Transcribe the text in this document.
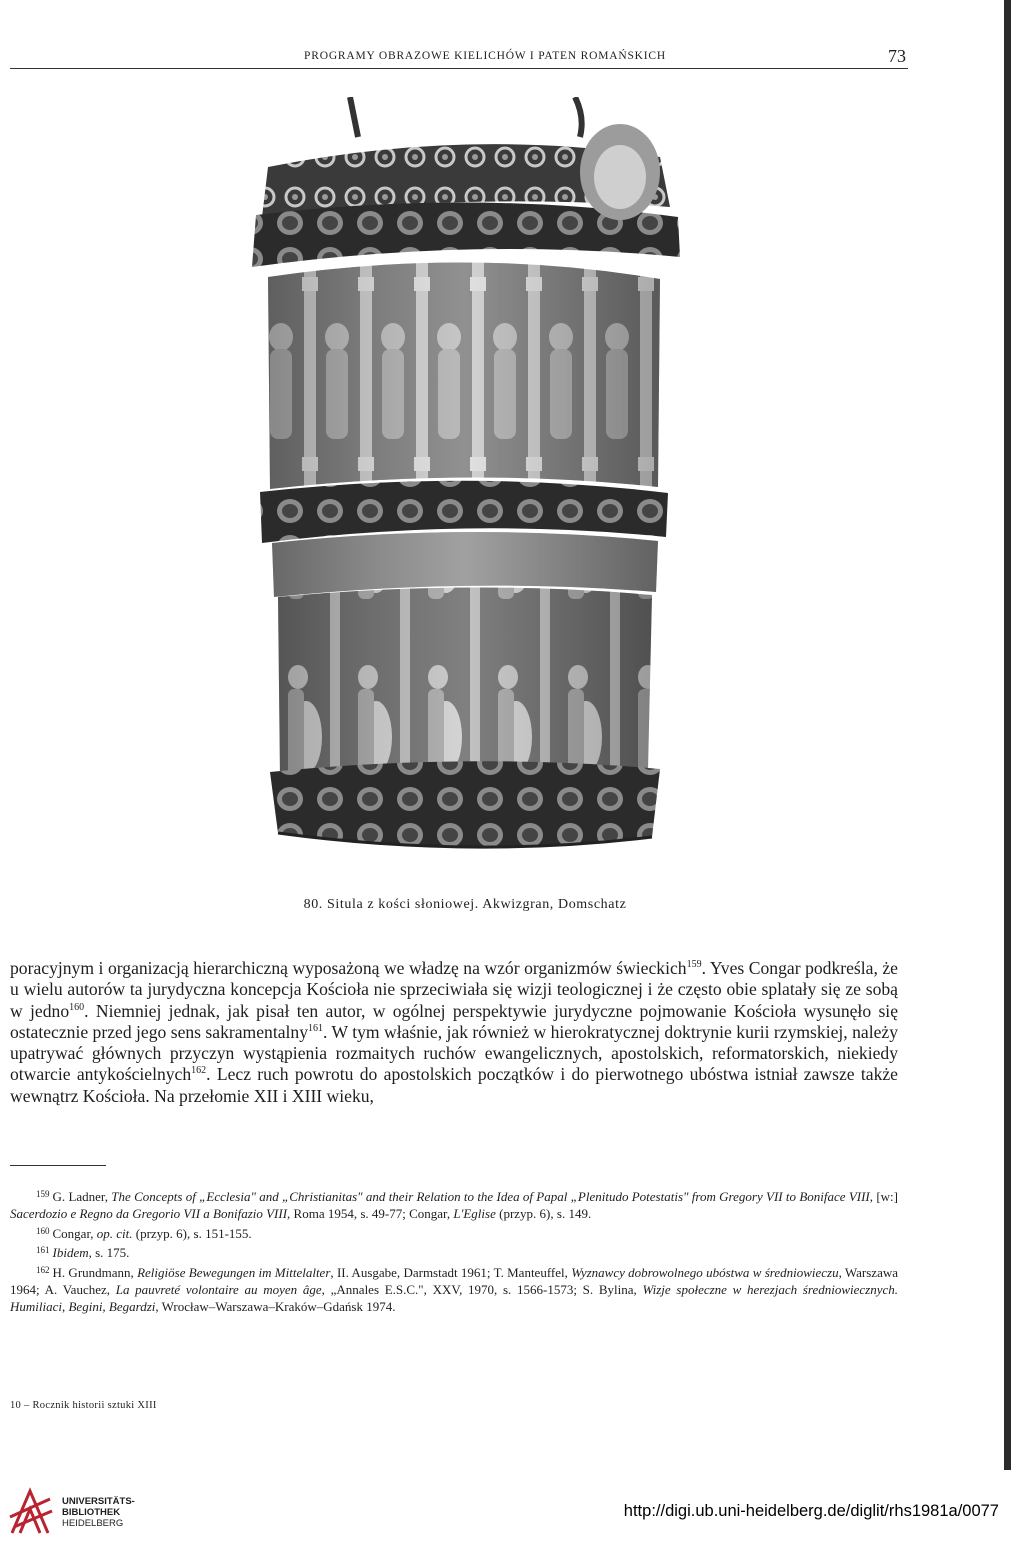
PROGRAMY OBRAZOWE KIELICHÓW I PATEN ROMAŃSKICH	73
80. Situla z kości słoniowej. Akwizgran, Domschatz

poracyjnym i organizacją hierarchiczną wyposażoną we władzę na wzór organizmów świeckich$^{159}$. Yves Congar podkreśla, że u wielu autorów ta jurydyczna koncepcja Kościoła nie sprzeciwiała się wizji teologicznej i że często obie splatały się ze sobą w jedno$^{160}$. Niemniej jednak, jak pisał ten autor, w ogólnej perspektywie jurydyczne pojmowanie Kościoła wysunęło się ostatecznie przed jego sens sakramentalny$^{161}$. W tym właśnie, jak również w hierokratycznej doktrynie kurii rzymskiej, należy upatrywać głównych przyczyn wystąpienia rozmaitych ruchów ewangelicznych, apostolskich, reformatorskich, niekiedy otwarcie antykościelnych$^{162}$. Lecz ruch powrotu do apostolskich początków i do pierwotnego ubóstwa istniał zawsze także wewnątrz Kościoła. Na przełomie XII i XIII wieku,

$^{159}$ G. Ladner, The Concepts of „Ecclesia" and „Christianitas" and their Relation to the Idea of Papal „Plenitudo Potestatis" from Gregory VII to Boniface VIII, [w:] Sacerdozio e Regno da Gregorio VII a Bonifazio VIII, Roma 1954, s. 49-77; Congar, L'Eglise (przyp. 6), s. 149.

$^{160}$ Congar, op. cit. (przyp. 6), s. 151-155.

$^{161}$ Ibidem, s. 175.

$^{162}$ H. Grundmann, Religiöse Bewegungen im Mittelalter, II. Ausgabe, Darmstadt 1961; T. Manteuffel, Wyznawcy dobrowolnego ubóstwa w średniowieczu, Warszawa 1964; A. Vauchez, La pauvreté volontaire au moyen âge, „Annales E.S.C.", XXV, 1970, s. 1566-1573; S. Bylina, Wizje społeczne w herezjach średniowiecznych. Humiliaci, Begini, Begardzi, Wrocław–Warszawa–Kraków–Gdańsk 1974.

10 – Rocznik historii sztuki XIII
UNIVERSITÄTS-
BIBLIOTHEK
HEIDELBERG
http://digi.ub.uni-heidelberg.de/diglit/rhs1981a/0077
